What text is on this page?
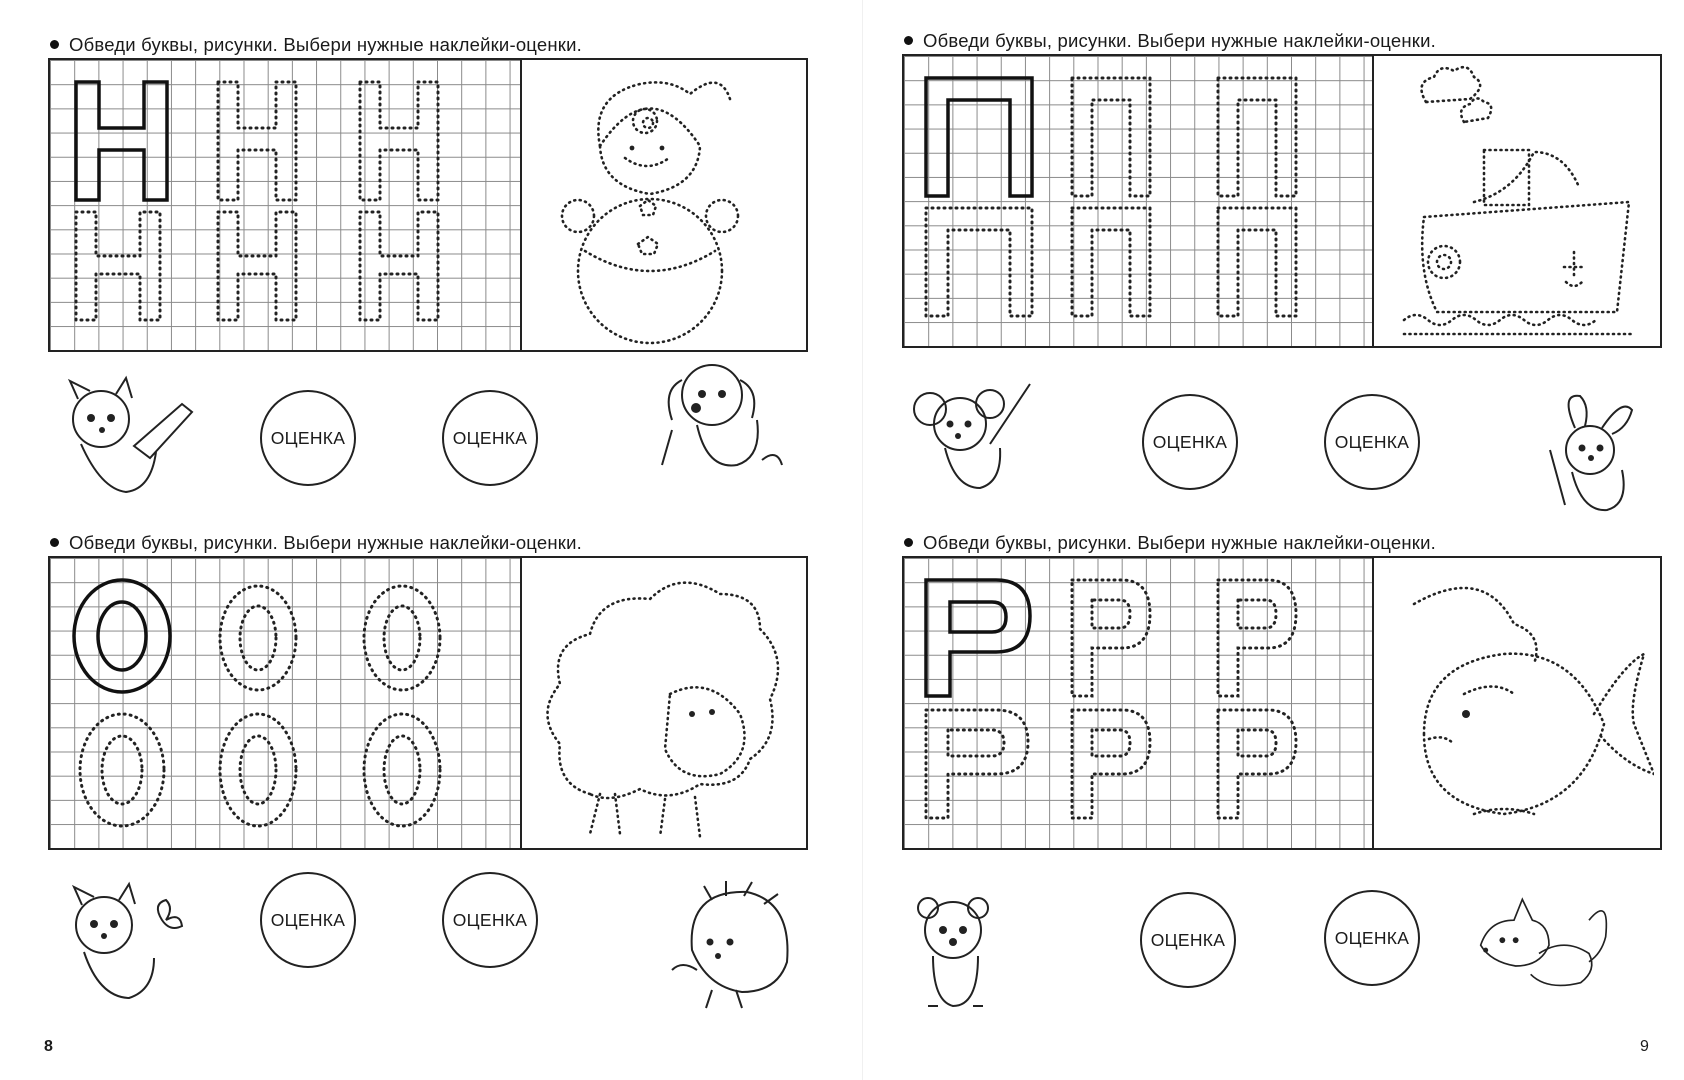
Обведи буквы, рисунки. Выбери нужные наклейки-оценки.
ОЦЕНКА	ОЦЕНКА
Обведи буквы, рисунки. Выбери нужные наклейки-оценки.
ОЦЕНКА	ОЦЕНКА
Обведи буквы, рисунки. Выбери нужные наклейки-оценки.
ОЦЕНКА	ОЦЕНКА
Обведи буквы, рисунки. Выбери нужные наклейки-оценки.
ОЦЕНКА	ОЦЕНКА
8	9
